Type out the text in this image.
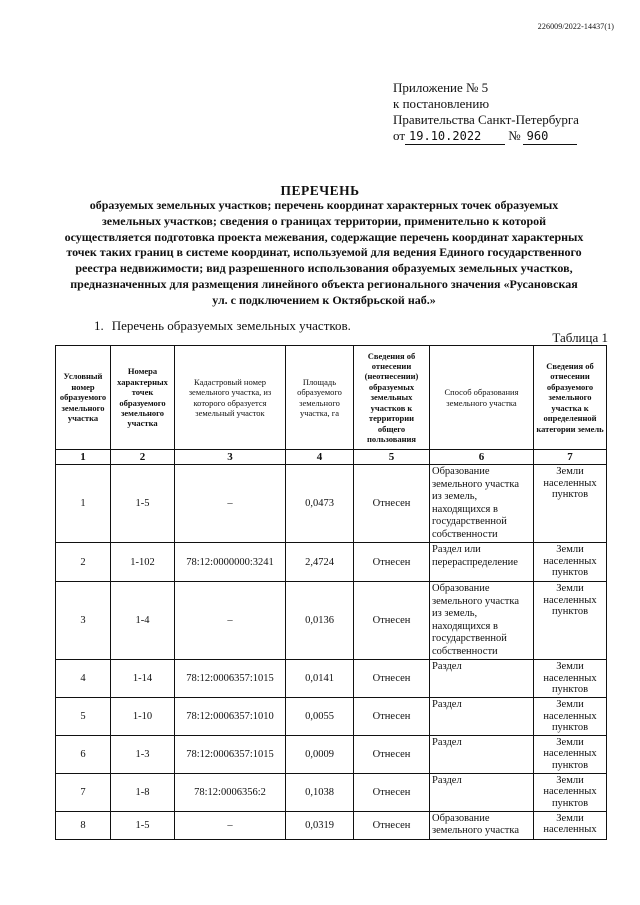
226009/2022-14437(1)
Приложение № 5
к постановлению
Правительства Санкт-Петербурга
от 19.10.2022 № 960
ПЕРЕЧЕНЬ
образуемых земельных участков; перечень координат характерных точек образуемых земельных участков; сведения о границах территории, применительно к которой осуществляется подготовка проекта межевания, содержащие перечень координат характерных точек таких границ в системе координат, используемой для ведения Единого государственного реестра недвижимости; вид разрешенного использования образуемых земельных участков, предназначенных для размещения линейного объекта регионального значения «Русановская ул. с подключением к Октябрьской наб.»
1. Перечень образуемых земельных участков.
Таблица 1
Условный номер образуемого земельного участка	Номера характерных точек образуемого земельного участка	Кадастровый номер земельного участка, из которого образуется земельный участок	Площадь образуемого земельного участка, га	Сведения об отнесении (неотнесении) образуемых земельных участков к территории общего пользования	Способ образования земельного участка	Сведения об отнесении образуемого земельного участка к определенной категории земель
1	2	3	4	5	6	7
1	1-5	–	0,0473	Отнесен	Образование земельного участка из земель, находящихся в государственной собственности	Земли населенных пунктов
2	1-102	78:12:0000000:3241	2,4724	Отнесен	Раздел или перераспределение	Земли населенных пунктов
3	1-4	–	0,0136	Отнесен	Образование земельного участка из земель, находящихся в государственной собственности	Земли населенных пунктов
4	1-14	78:12:0006357:1015	0,0141	Отнесен	Раздел	Земли населенных пунктов
5	1-10	78:12:0006357:1010	0,0055	Отнесен	Раздел	Земли населенных пунктов
6	1-3	78:12:0006357:1015	0,0009	Отнесен	Раздел	Земли населенных пунктов
7	1-8	78:12:0006356:2	0,1038	Отнесен	Раздел	Земли населенных пунктов
8	1-5	–	0,0319	Отнесен	Образование земельного участка	Земли населенных
